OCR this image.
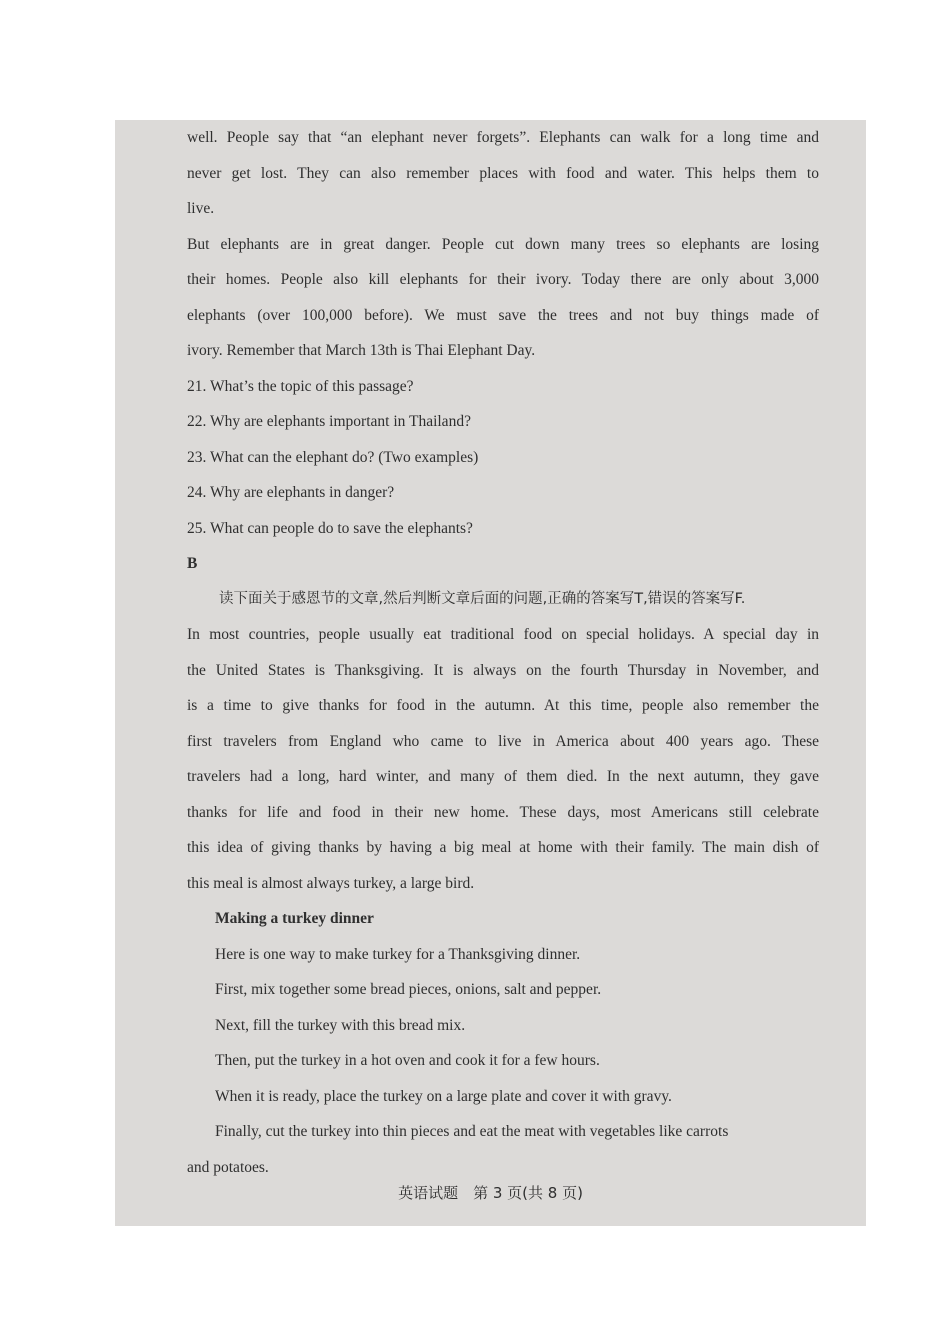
well. People say that “an elephant never forgets”. Elephants can walk for a long time and
never get lost. They can also remember places with food and water. This helps them to
live.

But elephants are in great danger. People cut down many trees so elephants are losing
their homes. People also kill elephants for their ivory. Today there are only about 3,000
elephants (over 100,000 before). We must save the trees and not buy things made of
ivory. Remember that March 13th is Thai Elephant Day.

21. What’s the topic of this passage?

22. Why are elephants important in Thailand?

23. What can the elephant do? (Two examples)

24. Why are elephants in danger?

25. What can people do to save the elephants?

B

读下面关于感恩节的文章,然后判断文章后面的问题,正确的答案写T,错误的答案写F.

In most countries, people usually eat traditional food on special holidays. A special day in
the United States is Thanksgiving. It is always on the fourth Thursday in November, and
is a time to give thanks for food in the autumn. At this time, people also remember the
first travelers from England who came to live in America about 400 years ago. These
travelers had a long, hard winter, and many of them died. In the next autumn, they gave
thanks for life and food in their new home. These days, most Americans still celebrate
this idea of giving thanks by having a big meal at home with their family. The main dish of
this meal is almost always turkey, a large bird.

Making a turkey dinner

Here is one way to make turkey for a Thanksgiving dinner.

First, mix together some bread pieces, onions, salt and pepper.

Next, fill the turkey with this bread mix.

Then, put the turkey in a hot oven and cook it for a few hours.

When it is ready, place the turkey on a large plate and cover it with gravy.

Finally, cut the turkey into thin pieces and eat the meat with vegetables like carrots

and potatoes.

英语试题　第 3 页(共 8 页)
